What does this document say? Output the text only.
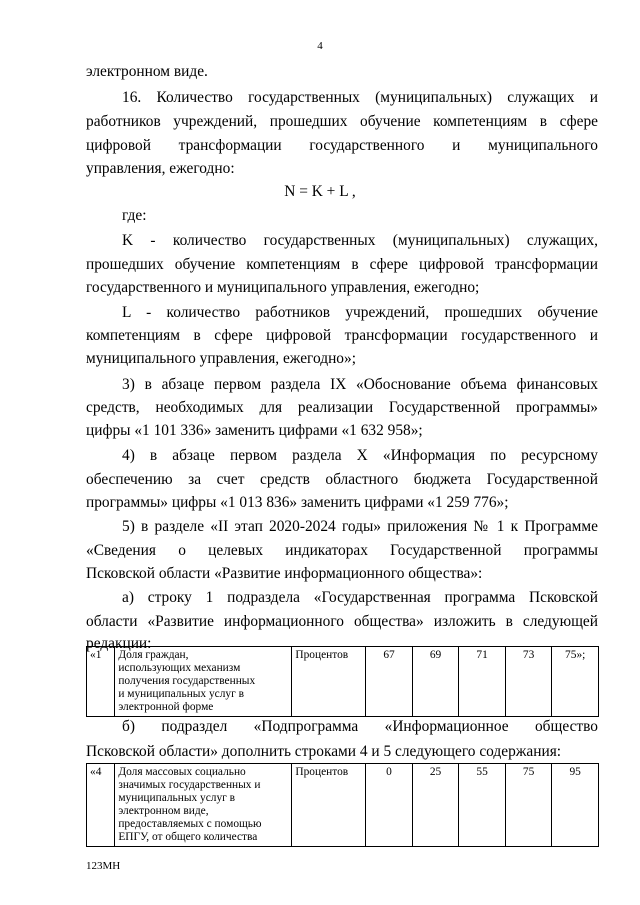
4

электронном виде.

16. Количество государственных (муниципальных) служащих и

работников учреждений, прошедших обучение компетенциям в сфере

цифровой трансформации государственного и муниципального

управления, ежегодно:

N = K + L ,

где:

K - количество государственных (муниципальных) служащих,

прошедших обучение компетенциям в сфере цифровой трансформации

государственного и муниципального управления, ежегодно;

L - количество работников учреждений, прошедших обучение

компетенциям в сфере цифровой трансформации государственного и

муниципального управления, ежегодно»;

3) в абзаце первом раздела IX «Обоснование объема финансовых

средств, необходимых для реализации Государственной программы»

цифры «1 101 336» заменить цифрами «1 632 958»;

4) в абзаце первом раздела X «Информация по ресурсному

обеспечению за счет средств областного бюджета Государственной

программы» цифры «1 013 836» заменить цифрами «1 259 776»;

5) в разделе «II этап 2020-2024 годы» приложения № 1 к Программе

«Сведения о целевых индикаторах Государственной программы

Псковской области «Развитие информационного общества»:

а) строку 1 подраздела «Государственная программа Псковской

области «Развитие информационного общества» изложить в следующей

редакции:

«1	Доля граждан,
использующих механизм
получения государственных
и муниципальных услуг в
электронной форме
	Процентов	67	69	71	73	75»;

б) подраздел «Подпрограмма «Информационное общество

Псковской области» дополнить строками 4 и 5 следующего содержания:

«4	Доля массовых социально
значимых государственных и
муниципальных услуг в
электронном виде,
предоставляемых с помощью
ЕПГУ, от общего количества
	Процентов	0	25	55	75	95
123МН
